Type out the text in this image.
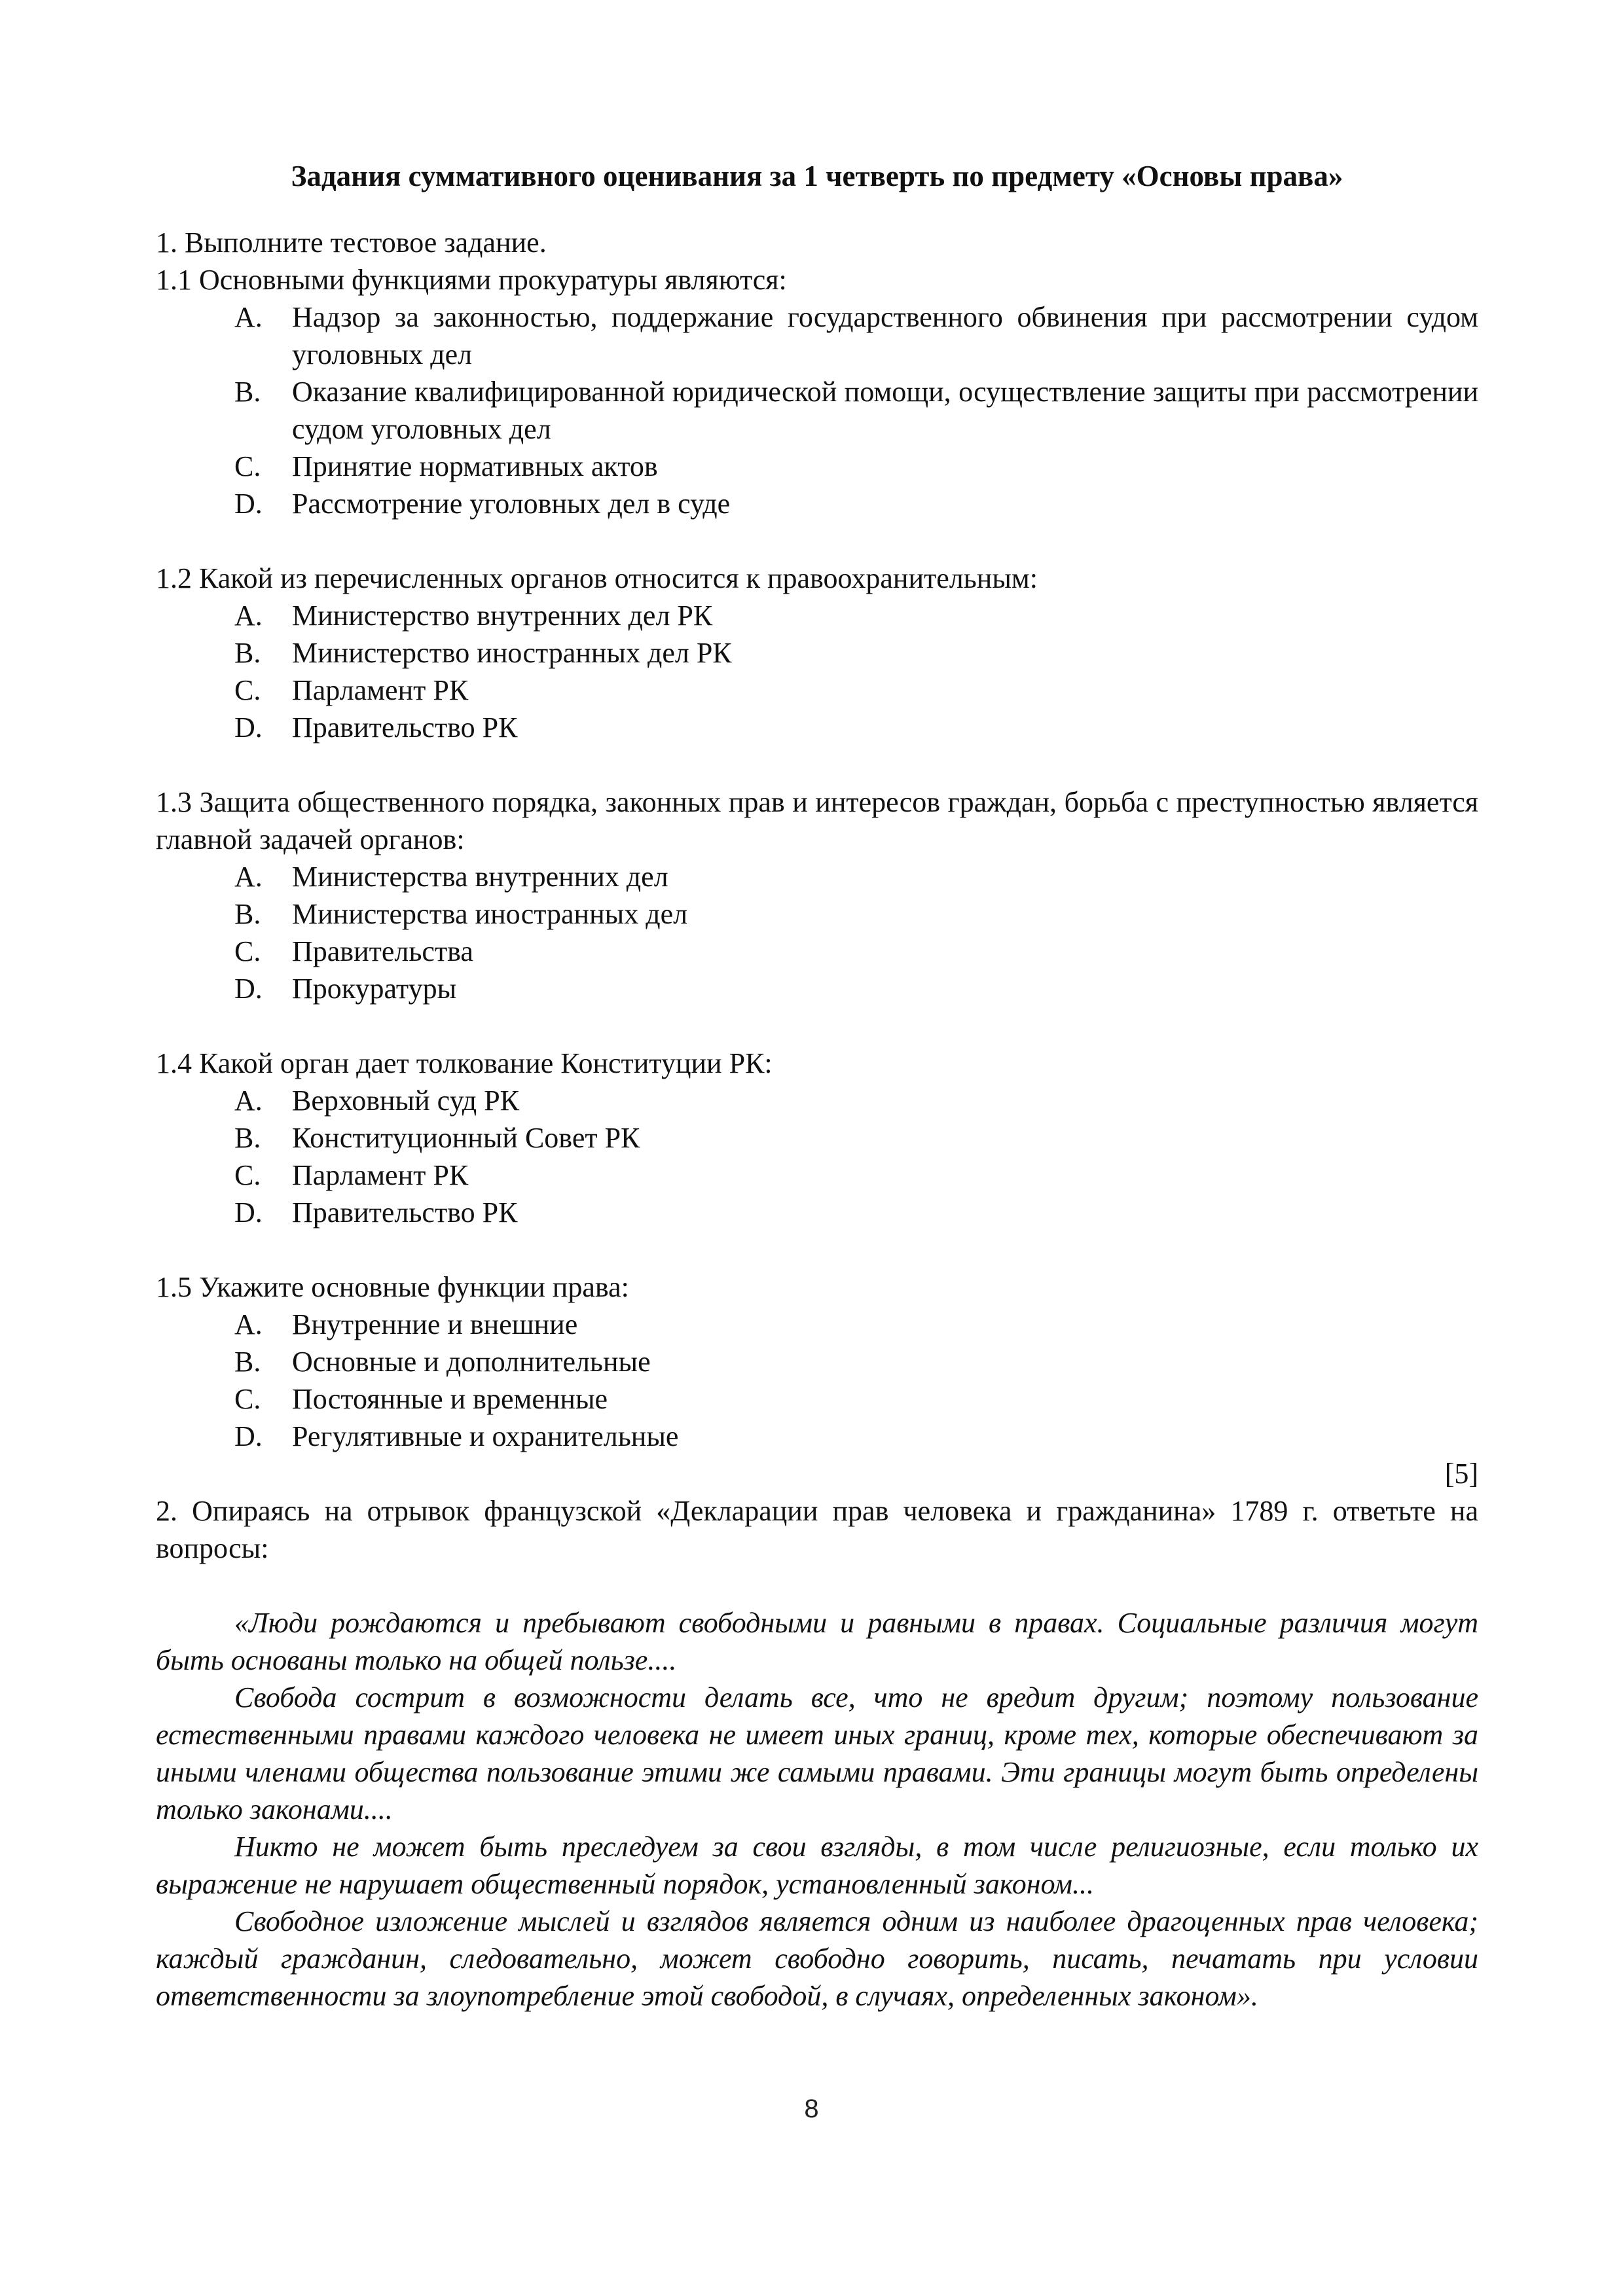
Задания суммативного оценивания за 1 четверть по предмету «Основы права»

1. Выполните тестовое задание.

1.1 Основными функциями прокуратуры являются:

A.	Надзор за законностью, поддержание государственного обвинения при рассмотрении судом уголовных дел
B.	Оказание квалифицированной юридической помощи, осуществление защиты при рассмотрении судом уголовных дел
C.	Принятие нормативных актов
D.	Рассмотрение уголовных дел в суде

1.2 Какой из перечисленных органов относится к правоохранительным:

A.	Министерство внутренних дел РК
B.	Министерство иностранных дел РК
C.	Парламент РК
D.	Правительство РК

1.3 Защита общественного порядка, законных прав и интересов граждан, борьба с преступностью является главной задачей органов:

A.	Министерства внутренних дел
B.	Министерства иностранных дел
C.	Правительства
D.	Прокуратуры

1.4 Какой орган дает толкование Конституции РК:

A.	Верховный суд РК
B.	Конституционный Совет РК
C.	Парламент РК
D.	Правительство РК

1.5 Укажите основные функции права:

A.	Внутренние и внешние
B.	Основные и дополнительные
C.	Постоянные и временные
D.	Регулятивные и охранительные

[5]

2. Опираясь на отрывок французской «Декларации прав человека и гражданина» 1789 г. ответьте на вопросы:

«Люди рождаются и пребывают свободными и равными в правах. Социальные различия могут быть основаны только на общей пользе....

Свобода сострит в возможности делать все, что не вредит другим; поэтому пользование естественными правами каждого человека не имеет иных границ, кроме тех, которые обеспечивают за иными членами общества пользование этими же самыми правами. Эти границы могут быть определены только законами....

Никто не может быть преследуем за свои взгляды, в том числе религиозные, если только их выражение не нарушает общественный порядок, установленный законом...

Свободное изложение мыслей и взглядов является одним из наиболее драгоценных прав человека; каждый гражданин, следовательно, может свободно говорить, писать, печатать при условии ответственности за злоупотребление этой свободой, в случаях, определенных законом».

8
